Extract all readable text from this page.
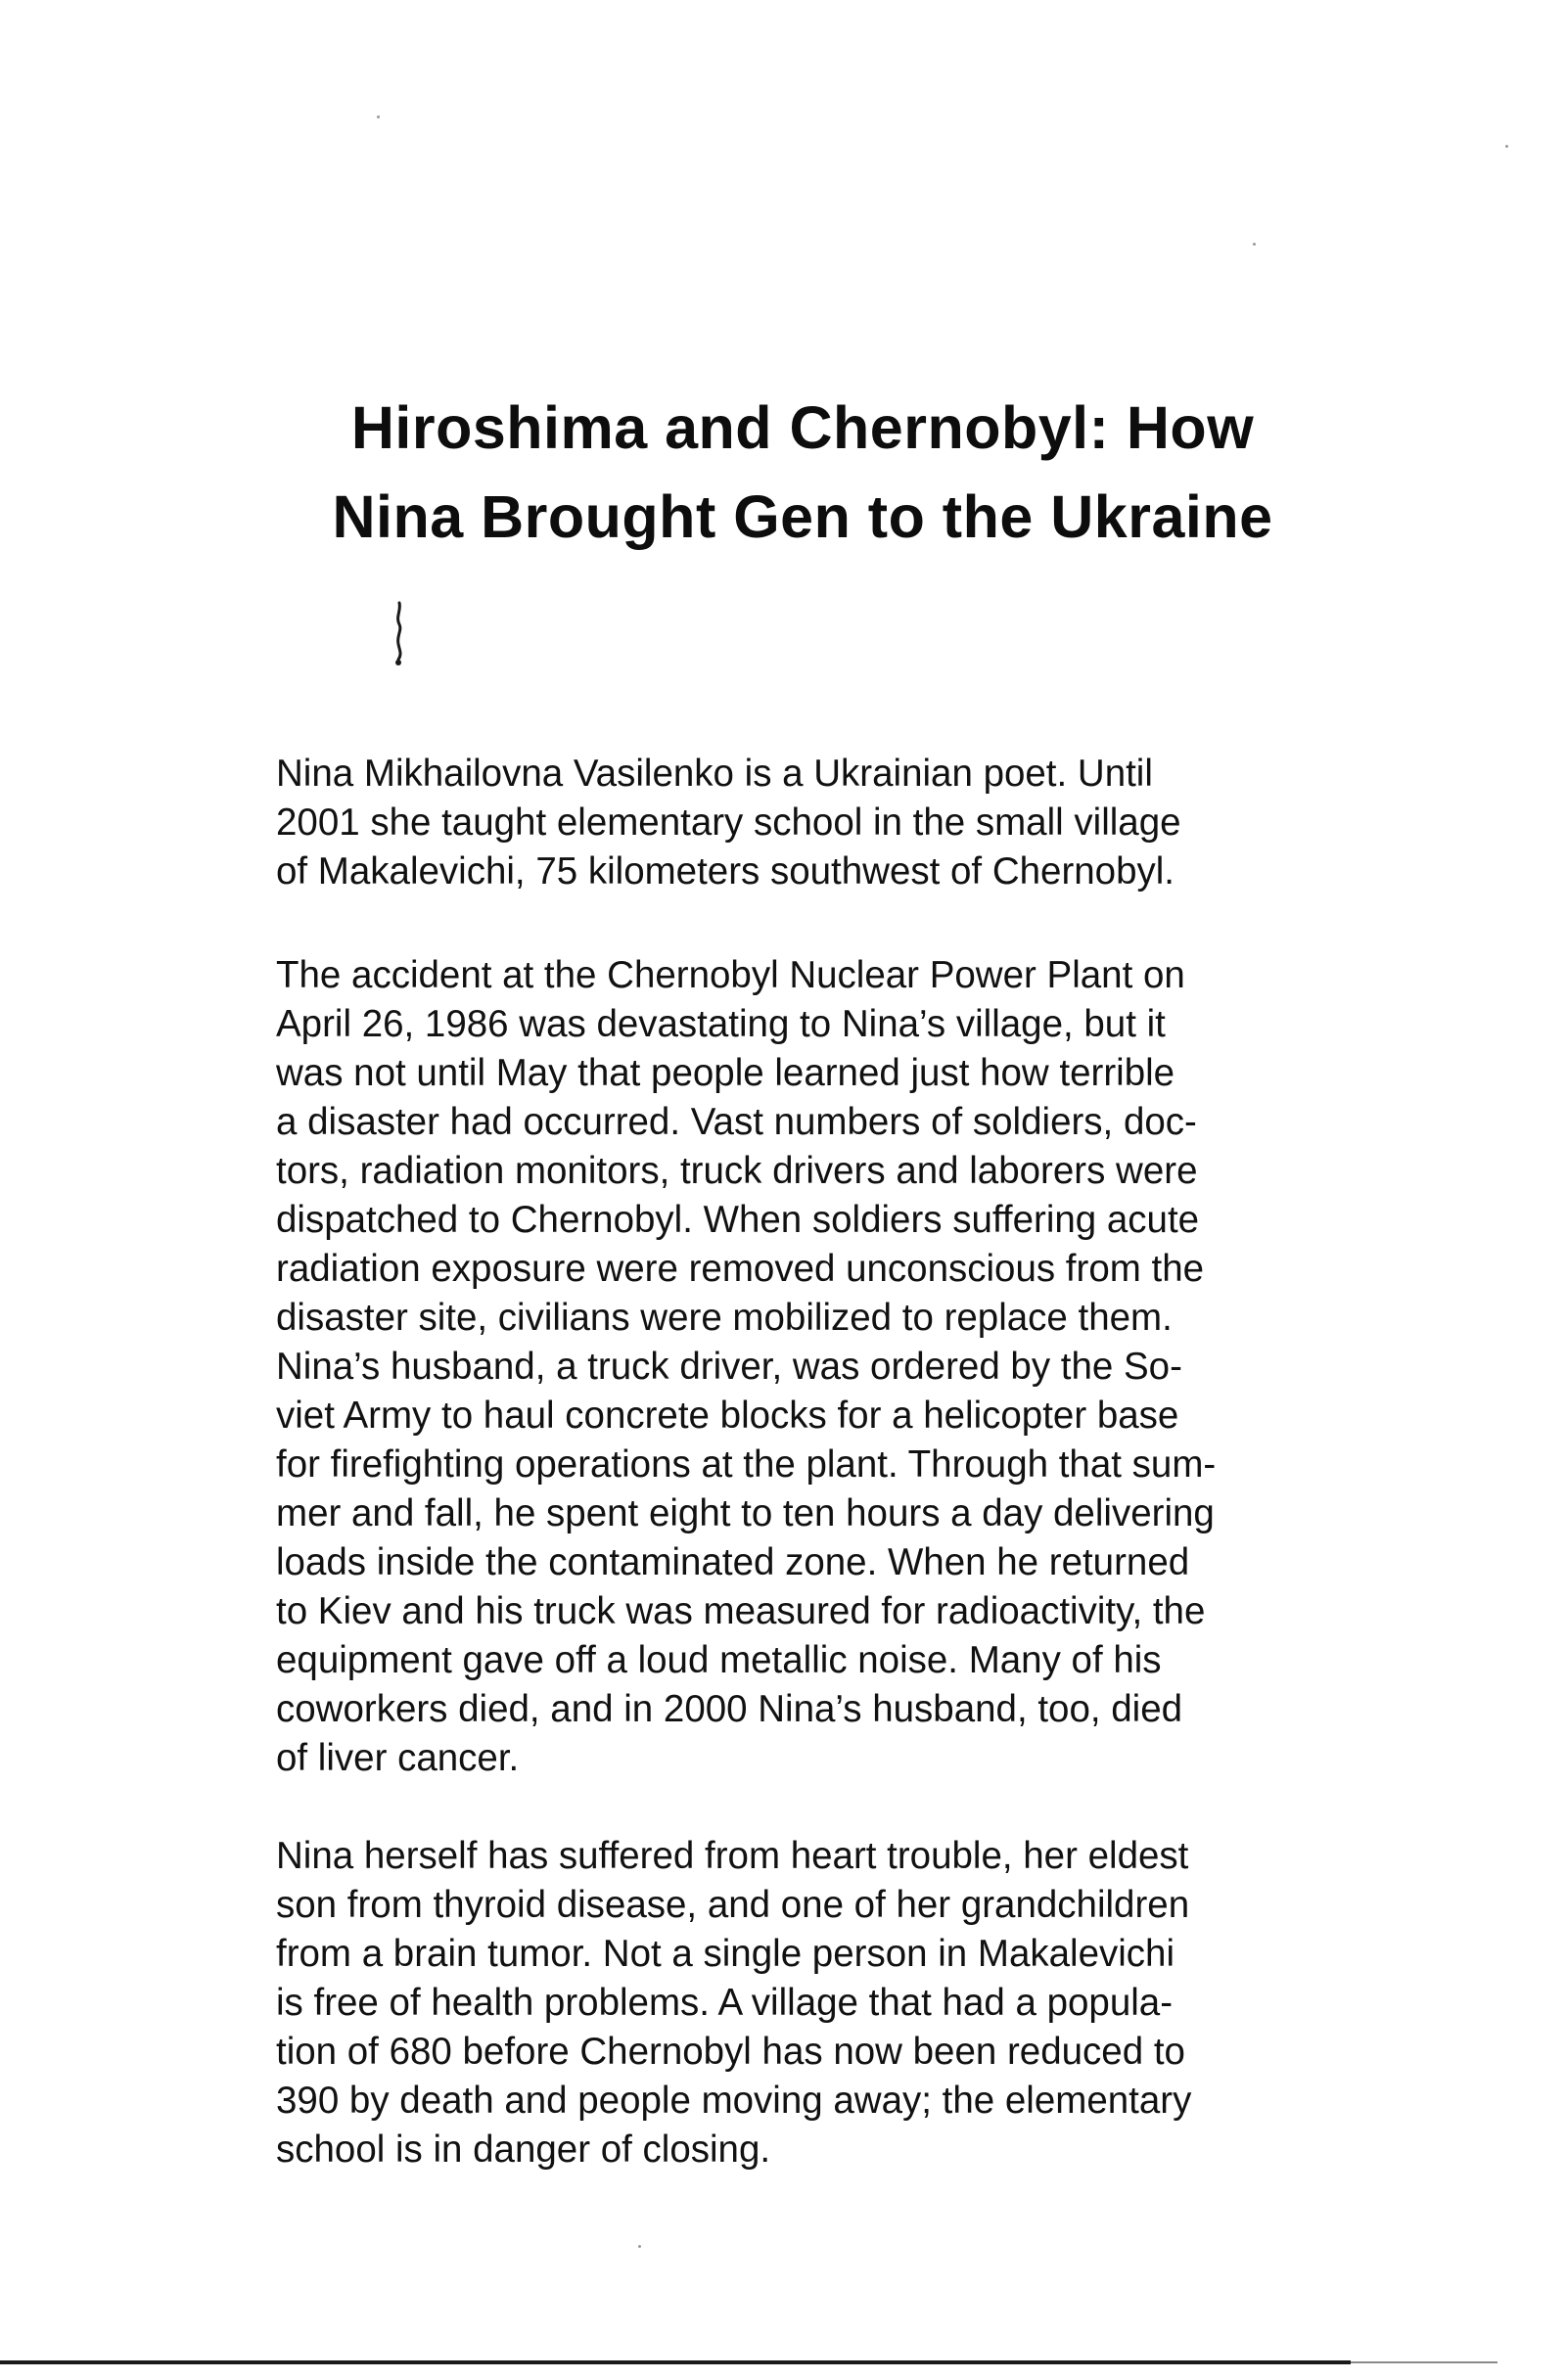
Hiroshima and Chernobyl: How
Nina Brought Gen to the Ukraine

Nina Mikhailovna Vasilenko is a Ukrainian poet. Until
2001 she taught elementary school in the small village
of Makalevichi, 75 kilometers southwest of Chernobyl.

The accident at the Chernobyl Nuclear Power Plant on
April 26, 1986 was devastating to Nina’s village, but it
was not until May that people learned just how terrible
a disaster had occurred. Vast numbers of soldiers, doc-
tors, radiation monitors, truck drivers and laborers were
dispatched to Chernobyl. When soldiers suffering acute
radiation exposure were removed unconscious from the
disaster site, civilians were mobilized to replace them.
Nina’s husband, a truck driver, was ordered by the So-
viet Army to haul concrete blocks for a helicopter base
for firefighting operations at the plant. Through that sum-
mer and fall, he spent eight to ten hours a day delivering
loads inside the contaminated zone. When he returned
to Kiev and his truck was measured for radioactivity, the
equipment gave off a loud metallic noise. Many of his
coworkers died, and in 2000 Nina’s husband, too, died
of liver cancer.

Nina herself has suffered from heart trouble, her eldest
son from thyroid disease, and one of her grandchildren
from a brain tumor. Not a single person in Makalevichi
is free of health problems. A village that had a popula-
tion of 680 before Chernobyl has now been reduced to
390 by death and people moving away; the elementary
school is in danger of closing.
